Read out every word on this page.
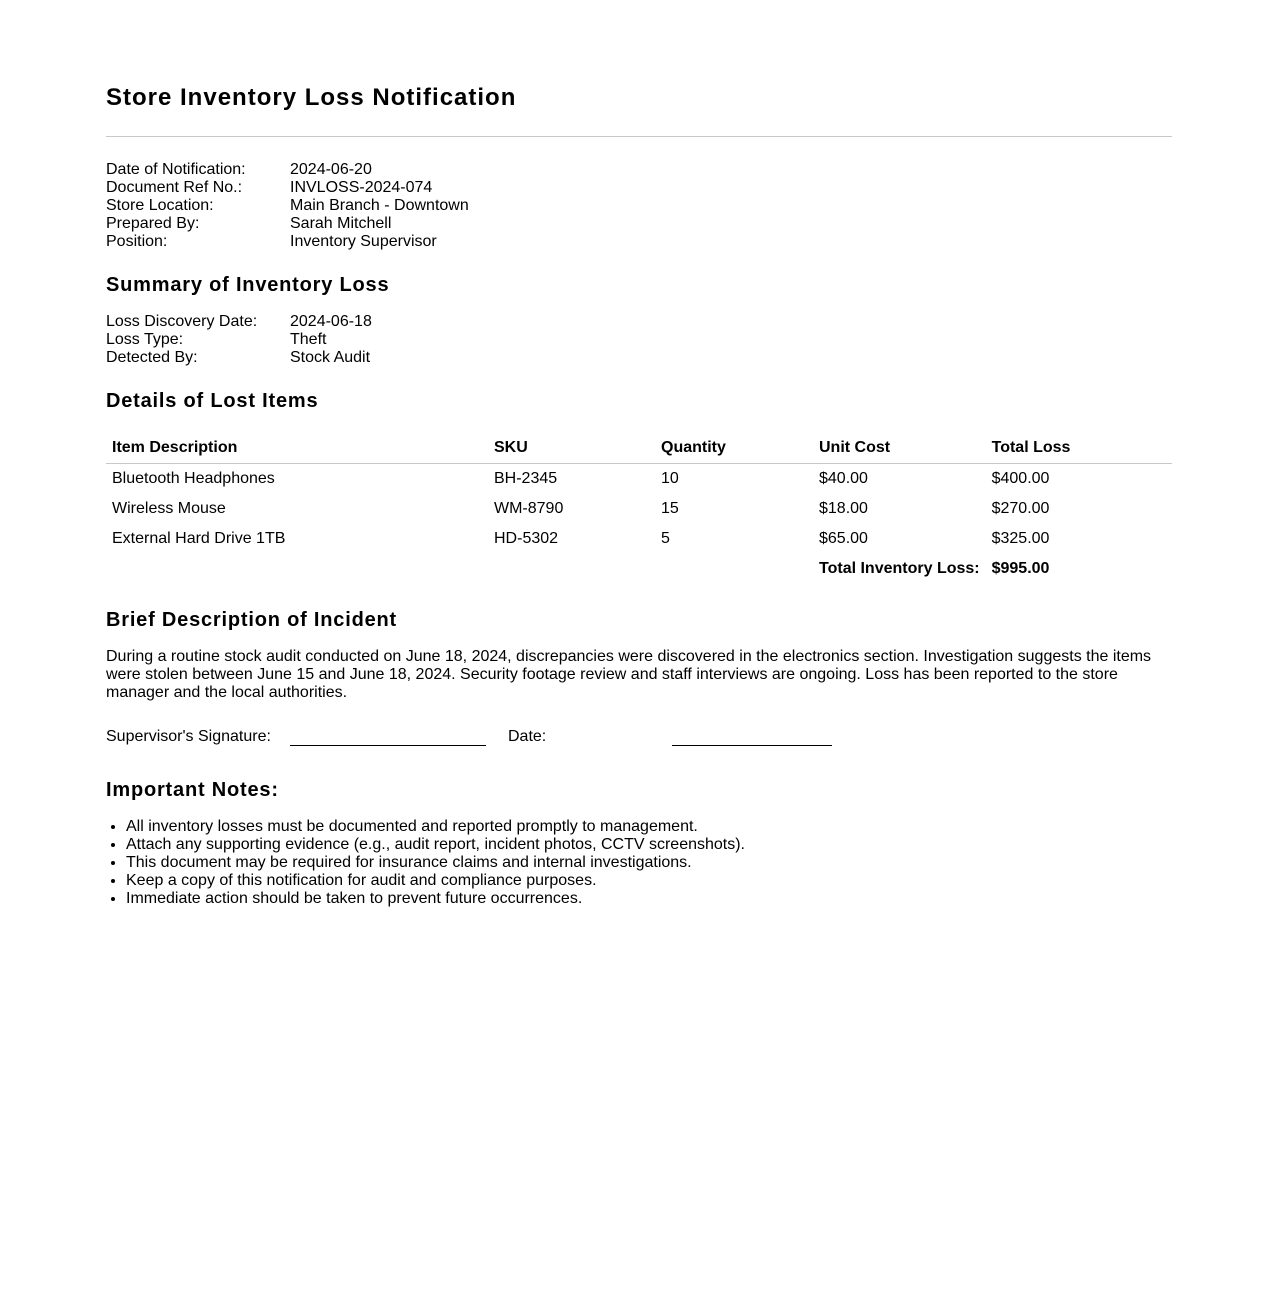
Store Inventory Loss Notification
Date of Notification:	2024-06-20
Document Ref No.:	INVLOSS-2024-074
Store Location:	Main Branch - Downtown
Prepared By:	Sarah Mitchell
Position:	Inventory Supervisor
Summary of Inventory Loss
Loss Discovery Date:	2024-06-18
Loss Type:	Theft
Detected By:	Stock Audit
Details of Lost Items
Item Description	SKU	Quantity	Unit Cost	Total Loss
Bluetooth Headphones	BH-2345	10	$40.00	$400.00
Wireless Mouse	WM-8790	15	$18.00	$270.00
External Hard Drive 1TB	HD-5302	5	$65.00	$325.00
			Total Inventory Loss:	$995.00
Brief Description of Incident
During a routine stock audit conducted on June 18, 2024, discrepancies were discovered in the electronics section. Investigation suggests the items were stolen between June 15 and June 18, 2024. Security footage review and staff interviews are ongoing. Loss has been reported to the store manager and the local authorities.
Supervisor's Signature:	Date:
Important Notes:
• All inventory losses must be documented and reported promptly to management.
• Attach any supporting evidence (e.g., audit report, incident photos, CCTV screenshots).
• This document may be required for insurance claims and internal investigations.
• Keep a copy of this notification for audit and compliance purposes.
• Immediate action should be taken to prevent future occurrences.
